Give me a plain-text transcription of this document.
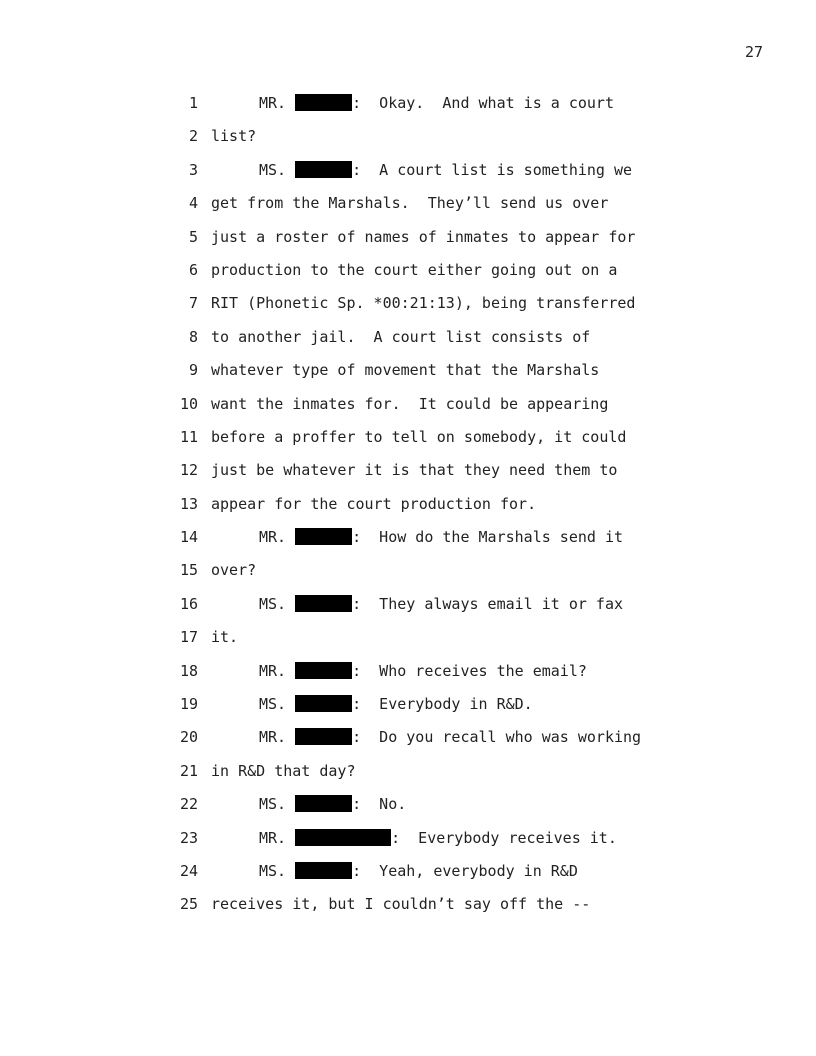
27
1	MR.	:  Okay.  And what is a court
2 list?
3	MS.	:  A court list is something we
4 get from the Marshals.  They’ll send us over
5 just a roster of names of inmates to appear for
6 production to the court either going out on a
7 RIT (Phonetic Sp. *00:21:13), being transferred
8 to another jail.  A court list consists of
9 whatever type of movement that the Marshals
10 want the inmates for.  It could be appearing
11 before a proffer to tell on somebody, it could
12 just be whatever it is that they need them to
13 appear for the court production for.
14	MR.	:  How do the Marshals send it
15 over?
16	MS.	:  They always email it or fax
17 it.
18	MR.	:  Who receives the email?
19	MS.	:  Everybody in R&D.
20	MR.	:  Do you recall who was working
21 in R&D that day?
22	MS.	:  No.
23	MR.	:  Everybody receives it.
24	MS.	:  Yeah, everybody in R&D
25 receives it, but I couldn’t say off the --
